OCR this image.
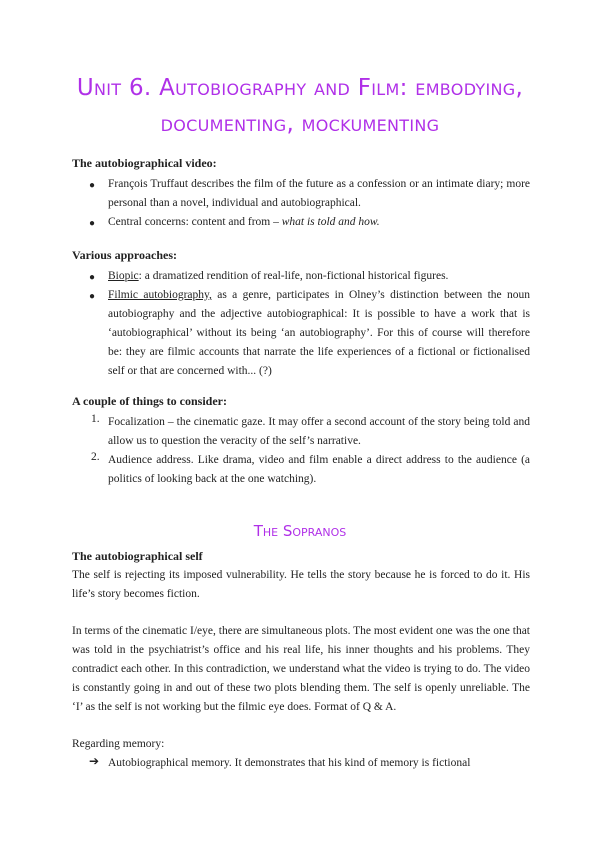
Unit 6. Autobiography and Film: embodying, documenting, mockumenting
The autobiographical video:
● François Truffaut describes the film of the future as a confession or an intimate diary; more personal than a novel, individual and autobiographical.
● Central concerns: content and from – what is told and how.
Various approaches:
● Biopic: a dramatized rendition of real-life, non-fictional historical figures.
● Filmic autobiography, as a genre, participates in Olney’s distinction between the noun autobiography and the adjective autobiographical: It is possible to have a work that is ‘autobiographical’ without its being ‘an autobiography’. For this of course will therefore be: they are filmic accounts that narrate the life experiences of a fictional or fictionalised self or that are concerned with... (?)
A couple of things to consider:
1. Focalization – the cinematic gaze. It may offer a second account of the story being told and allow us to question the veracity of the self’s narrative.
2. Audience address. Like drama, video and film enable a direct address to the audience (a politics of looking back at the one watching).
The Sopranos
The autobiographical self
The self is rejecting its imposed vulnerability. He tells the story because he is forced to do it. His life’s story becomes fiction.
In terms of the cinematic I/eye, there are simultaneous plots. The most evident one was the one that was told in the psychiatrist’s office and his real life, his inner thoughts and his problems. They contradict each other. In this contradiction, we understand what the video is trying to do. The video is constantly going in and out of these two plots blending them. The self is openly unreliable. The ‘I’ as the self is not working but the filmic eye does. Format of Q & A.
Regarding memory:
➔ Autobiographical memory. It demonstrates that his kind of memory is fictional
